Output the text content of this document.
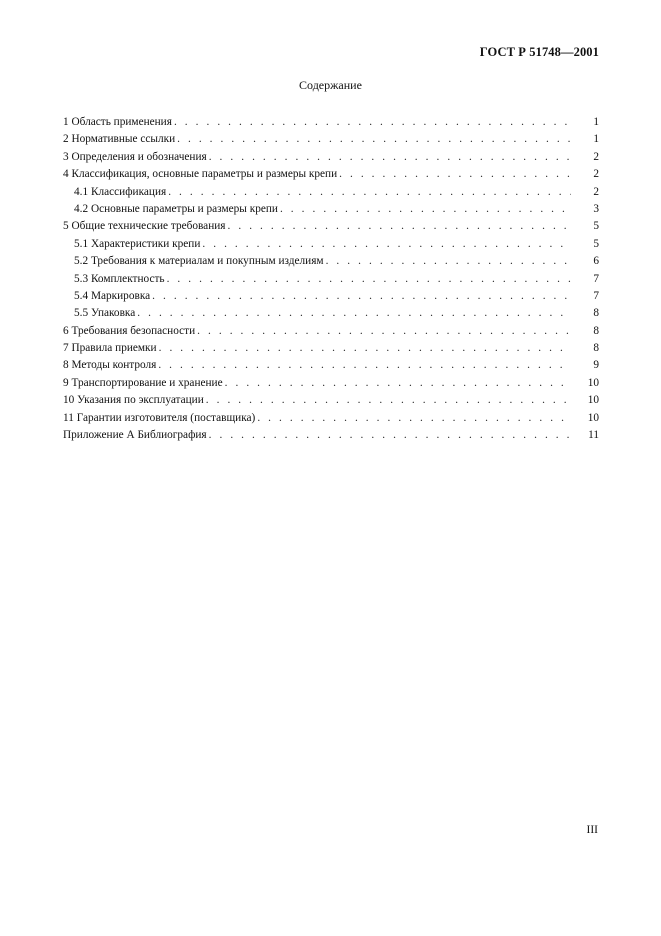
ГОСТ Р 51748—2001
Содержание
1 Область применения . . .	1
2 Нормативные ссылки . . .	1
3 Определения и обозначения . . .	2
4 Классификация, основные параметры и размеры крепи . . .	2
4.1 Классификация . . .	2
4.2 Основные параметры и размеры крепи . . .	3
5 Общие технические требования . . .	5
5.1 Характеристики крепи . . .	5
5.2 Требования к материалам и покупным изделиям . . .	6
5.3 Комплектность . . .	7
5.4 Маркировка . . .	7
5.5 Упаковка . . .	8
6 Требования безопасности . . .	8
7 Правила приемки . . .	8
8 Методы контроля . . .	9
9 Транспортирование и хранение . . .	10
10 Указания по эксплуатации . . .	10
11 Гарантии изготовителя (поставщика) . . .	10
Приложение А Библиография . . .	11
III
